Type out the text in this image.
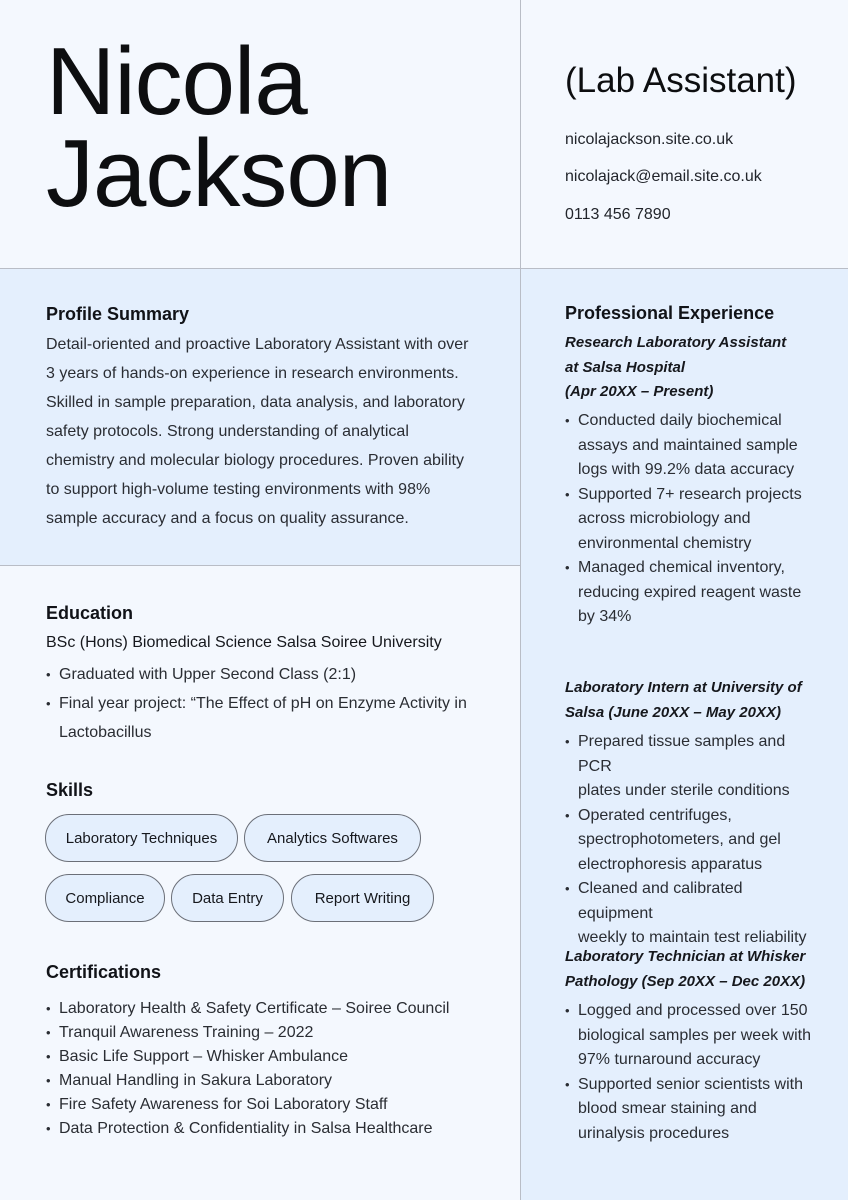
Nicola
Jackson
(Lab Assistant)
nicolajackson.site.co.uk
nicolajack@email.site.co.uk
0113 456 7890
Profile Summary
Detail-oriented and proactive Laboratory Assistant with over
3 years of hands-on experience in research environments.
Skilled in sample preparation, data analysis, and laboratory
safety protocols. Strong understanding of analytical
chemistry and molecular biology procedures. Proven ability
to support high-volume testing environments with 98%
sample accuracy and a focus on quality assurance.
Education
BSc (Hons) Biomedical Science Salsa Soiree University
• Graduated with Upper Second Class (2:1)
• Final year project: “The Effect of pH on Enzyme Activity in
Lactobacillus
Skills
Laboratory Techniques	Analytics Softwares
Compliance	Data Entry	Report Writing
Certifications
• Laboratory Health & Safety Certificate – Soiree Council
• Tranquil Awareness Training – 2022
• Basic Life Support – Whisker Ambulance
• Manual Handling in Sakura Laboratory
• Fire Safety Awareness for Soi Laboratory Staff
• Data Protection & Confidentiality in Salsa Healthcare
Professional Experience
Research Laboratory Assistant
at Salsa Hospital
(Apr 20XX – Present)
• Conducted daily biochemical
assays and maintained sample
logs with 99.2% data accuracy
• Supported 7+ research projects
across microbiology and
environmental chemistry
• Managed chemical inventory,
reducing expired reagent waste
by 34%
Laboratory Intern at University of
Salsa (June 20XX – May 20XX)
• Prepared tissue samples and PCR
plates under sterile conditions
• Operated centrifuges,
spectrophotometers, and gel
electrophoresis apparatus
• Cleaned and calibrated equipment
weekly to maintain test reliability
Laboratory Technician at Whisker
Pathology (Sep 20XX – Dec 20XX)
• Logged and processed over 150
biological samples per week with
97% turnaround accuracy
• Supported senior scientists with
blood smear staining and
urinalysis procedures
